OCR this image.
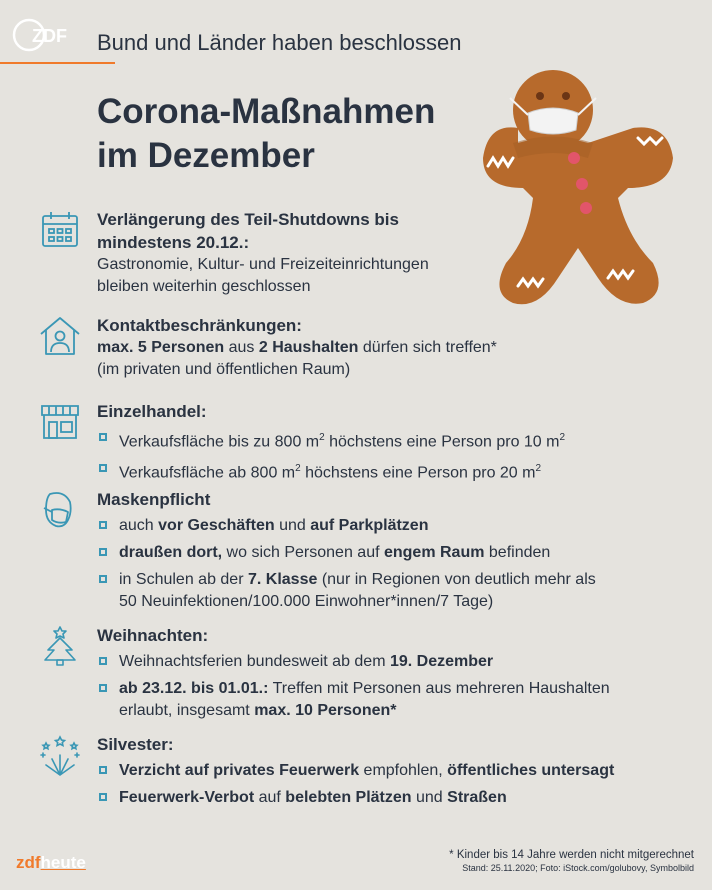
ZDF Bund und Länder haben beschlossen
Corona-Maßnahmen
im Dezember
Verlängerung des Teil-Shutdowns bis
mindestens 20.12.:
Gastronomie, Kultur- und Freizeiteinrichtungen
bleiben weiterhin geschlossen
Kontaktbeschränkungen:
max. 5 Personen aus 2 Haushalten dürfen sich treffen*
(im privaten und öffentlichen Raum)
Einzelhandel:
Verkaufsfläche bis zu 800 $m^2$ höchstens eine Person pro 10 $m^2$
Verkaufsfläche ab 800 $m^2$ höchstens eine Person pro 20 $m^2$
Maskenpflicht
auch vor Geschäften und auf Parkplätzen
draußen dort, wo sich Personen auf engem Raum befinden
in Schulen ab der 7. Klasse (nur in Regionen von deutlich mehr als
50 Neuinfektionen/100.000 Einwohner*innen/7 Tage)
Weihnachten:
Weihnachtsferien bundesweit ab dem 19. Dezember
ab 23.12. bis 01.01.: Treffen mit Personen aus mehreren Haushalten
erlaubt, insgesamt max. 10 Personen*
Silvester:
Verzicht auf privates Feuerwerk empfohlen, öffentliches untersagt
Feuerwerk-Verbot auf belebten Plätzen und Straßen
zdfheute	* Kinder bis 14 Jahre werden nicht mitgerechnet
Stand: 25.11.2020; Foto: iStock.com/golubovy, Symbolbild
